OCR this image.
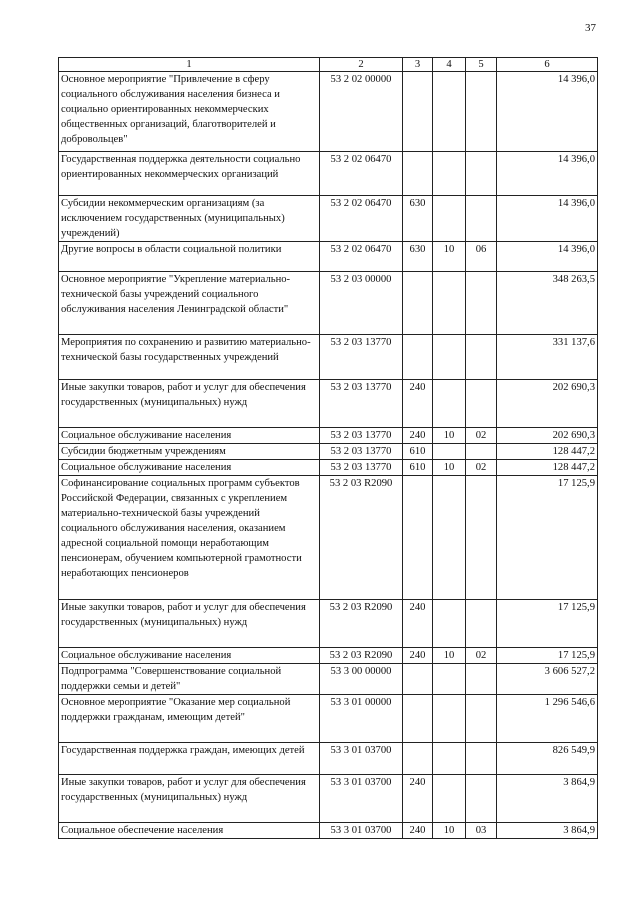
37
1	2	3	4	5	6
Основное мероприятие "Привлечение в сферу социального обслуживания населения бизнеса и социально ориентированных некоммерческих общественных организаций, благотворителей и добровольцев"	53 2 02 00000				14 396,0
Государственная поддержка деятельности социально ориентированных некоммерческих организаций	53 2 02 06470				14 396,0
Субсидии некоммерческим организациям (за исключением государственных (муниципальных) учреждений)	53 2 02 06470	630			14 396,0
Другие вопросы в области социальной политики	53 2 02 06470	630	10	06	14 396,0
Основное мероприятие "Укрепление материально-технической базы учреждений социального обслуживания населения Ленинградской области"	53 2 03 00000				348 263,5
Мероприятия по сохранению и развитию материально-технической базы государственных учреждений	53 2 03 13770				331 137,6
Иные закупки товаров, работ и услуг для обеспечения государственных (муниципальных) нужд	53 2 03 13770	240			202 690,3
Социальное обслуживание населения	53 2 03 13770	240	10	02	202 690,3
Субсидии бюджетным учреждениям	53 2 03 13770	610			128 447,2
Социальное обслуживание населения	53 2 03 13770	610	10	02	128 447,2
Софинансирование социальных программ субъектов Российской Федерации, связанных с укреплением материально-технической базы учреждений социального обслуживания населения, оказанием адресной социальной помощи неработающим пенсионерам, обучением компьютерной грамотности неработающих пенсионеров	53 2 03 R2090				17 125,9
Иные закупки товаров, работ и услуг для обеспечения государственных (муниципальных) нужд	53 2 03 R2090	240			17 125,9
Социальное обслуживание населения	53 2 03 R2090	240	10	02	17 125,9
Подпрограмма "Совершенствование социальной поддержки семьи и детей"	53 3 00 00000				3 606 527,2
Основное мероприятие "Оказание мер социальной поддержки гражданам, имеющим детей"	53 3 01 00000				1 296 546,6
Государственная поддержка граждан, имеющих детей	53 3 01 03700				826 549,9
Иные закупки товаров, работ и услуг для обеспечения государственных (муниципальных) нужд	53 3 01 03700	240			3 864,9
Социальное обеспечение населения	53 3 01 03700	240	10	03	3 864,9
